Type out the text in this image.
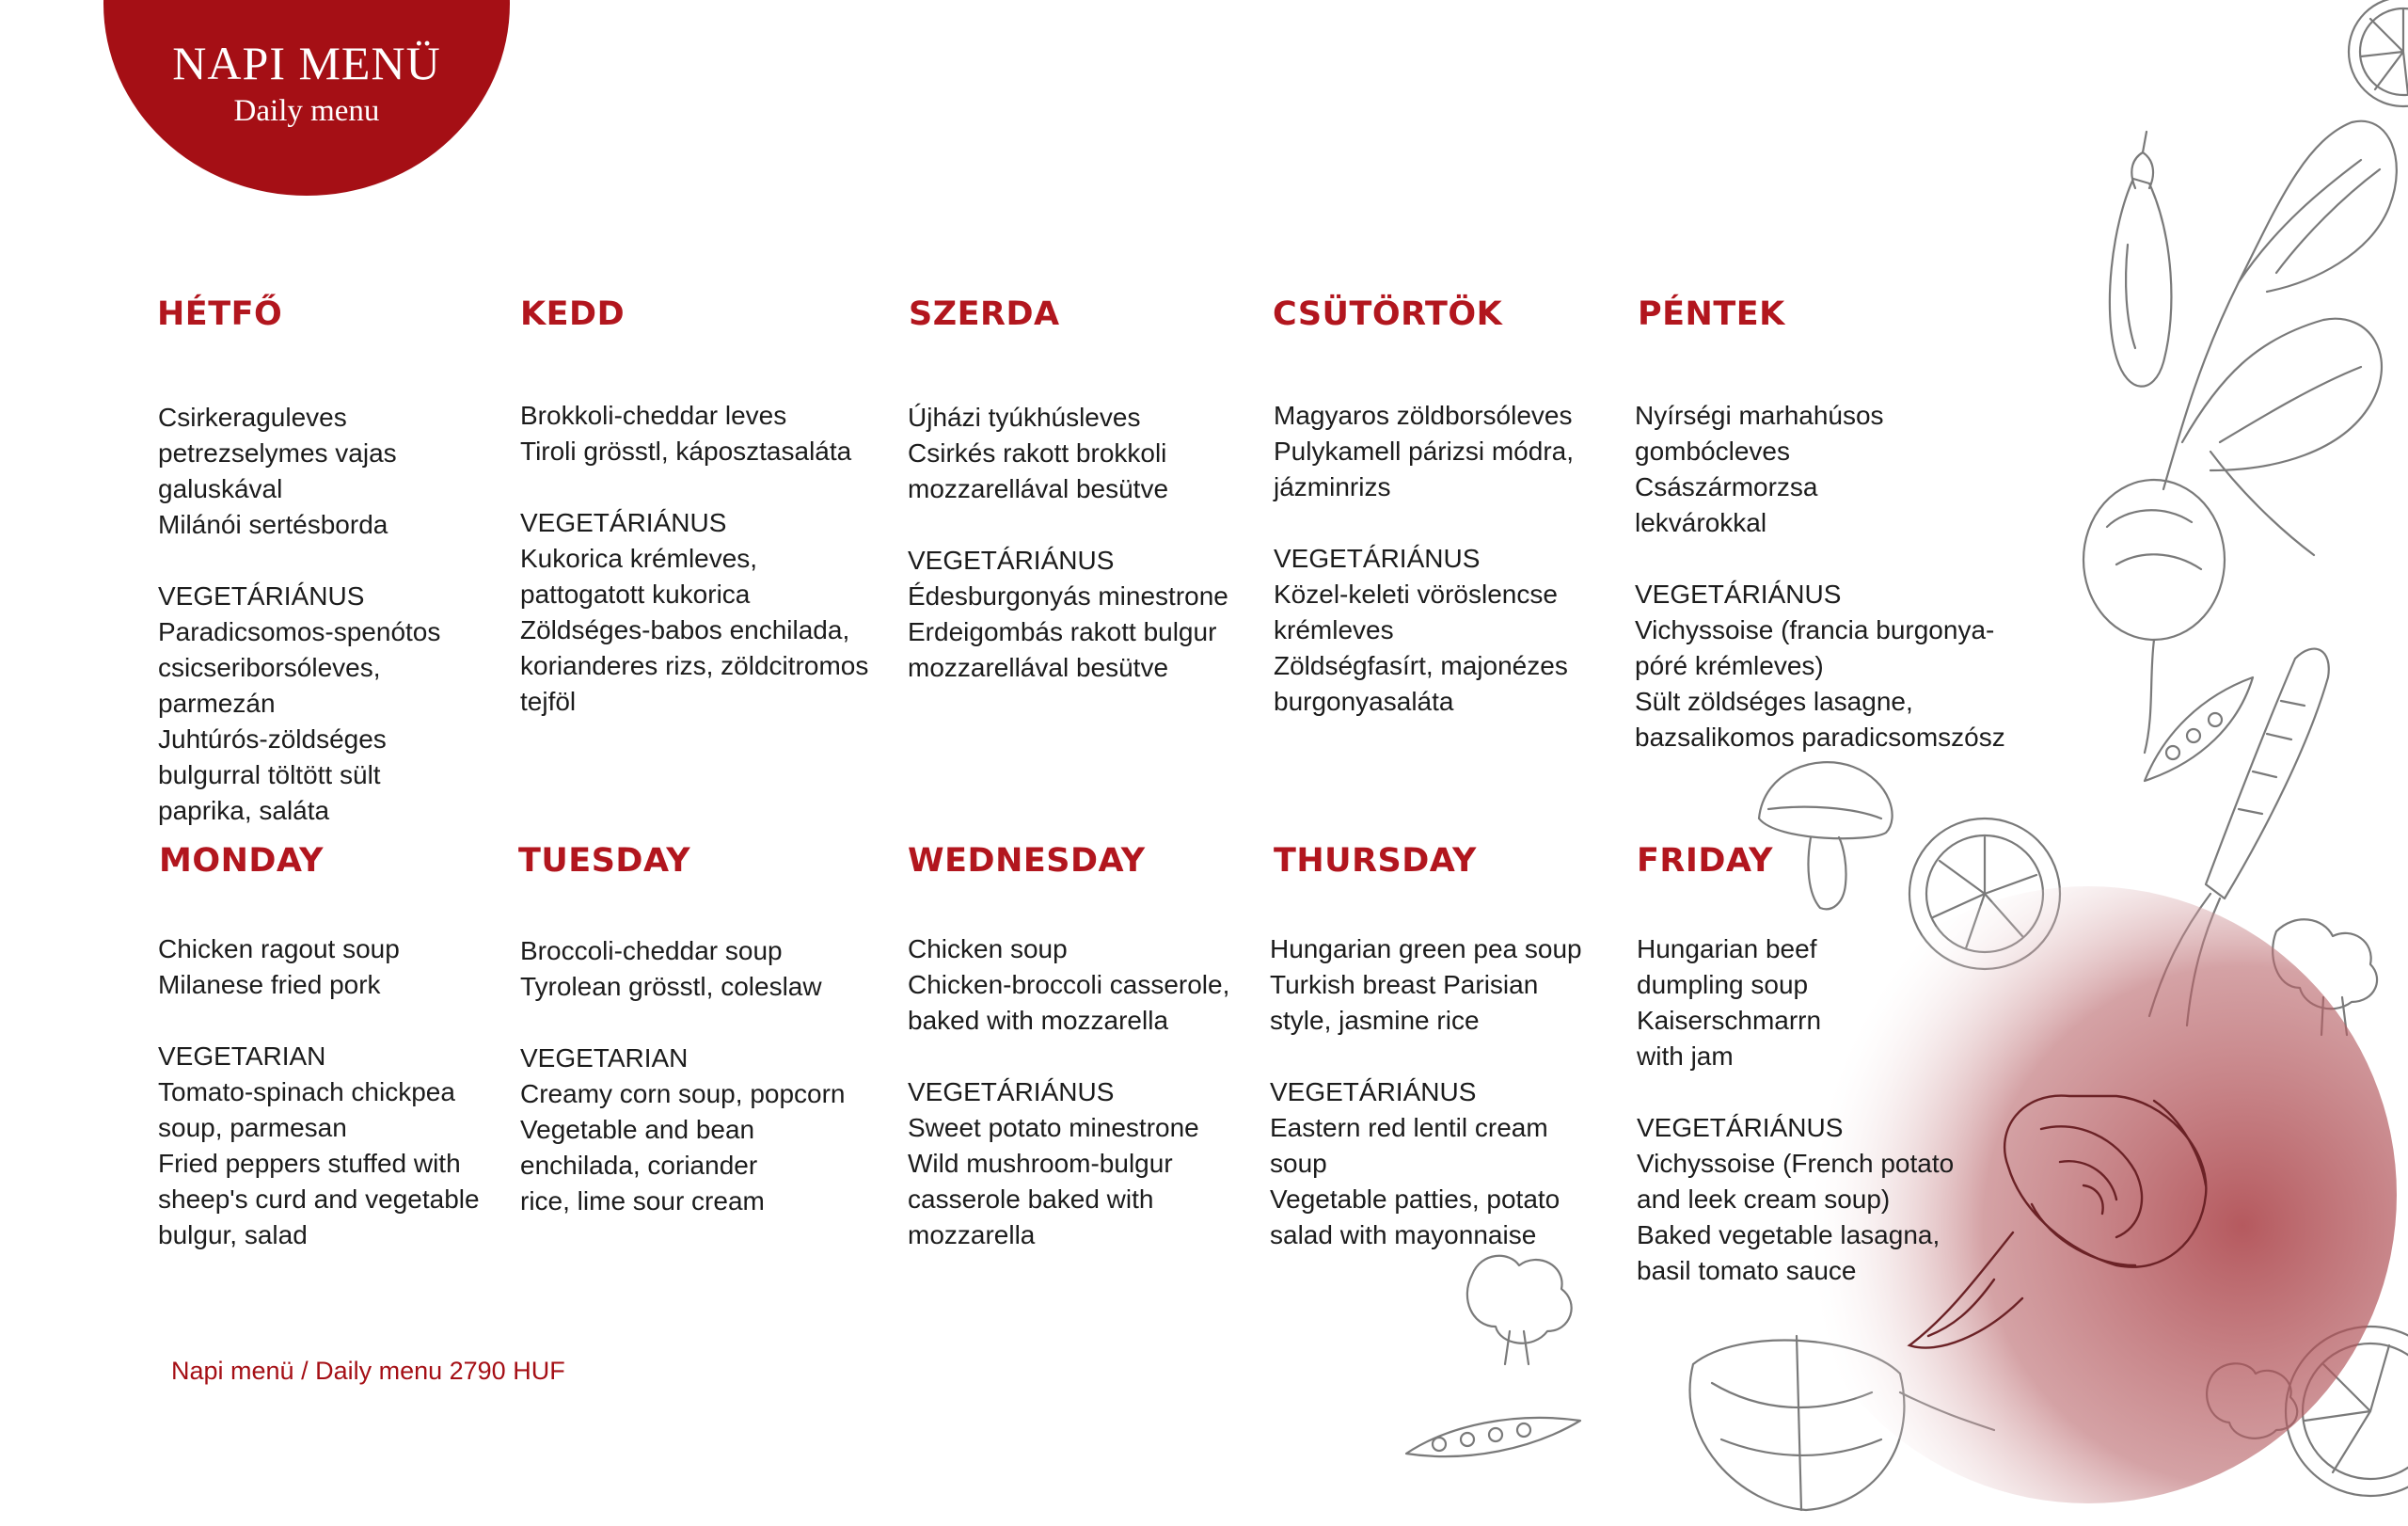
NAPI MENÜ
Daily menu
HÉTFŐ
Csirkeraguleves
petrezselymes vajas
galuskával
Milánói sertésborda
VEGETÁRIÁNUS
Paradicsomos-spenótos
csicseriborsóleves,
parmezán
Juhtúrós-zöldséges
bulgurral töltött sült
paprika, saláta
KEDD
Brokkoli-cheddar leves
Tiroli grösstl, káposztasaláta
VEGETÁRIÁNUS
Kukorica krémleves,
pattogatott kukorica
Zöldséges-babos enchilada,
korianderes rizs, zöldcitromos
tejföl
SZERDA
Újházi tyúkhúsleves
Csirkés rakott brokkoli
mozzarellával besütve
VEGETÁRIÁNUS
Édesburgonyás minestrone
Erdeigombás rakott bulgur
mozzarellával besütve
CSÜTÖRTÖK
Magyaros zöldborsóleves
Pulykamell párizsi módra,
jázminrizs
VEGETÁRIÁNUS
Közel-keleti vöröslencse
krémleves
Zöldségfasírt, majonézes
burgonyasaláta
PÉNTEK
Nyírségi marhahúsos
gombócleves
Császármorzsa
lekvárokkal
VEGETÁRIÁNUS
Vichyssoise (francia burgonya-
póré krémleves)
Sült zöldséges lasagne,
bazsalikomos paradicsomszósz
MONDAY
Chicken ragout soup
Milanese fried pork
VEGETARIAN
Tomato-spinach chickpea
soup, parmesan
Fried peppers stuffed with
sheep's curd and vegetable
bulgur, salad
TUESDAY
Broccoli-cheddar soup
Tyrolean grösstl, coleslaw
VEGETARIAN
Creamy corn soup, popcorn
Vegetable and bean
enchilada, coriander
rice, lime sour cream
WEDNESDAY
Chicken soup
Chicken-broccoli casserole,
baked with mozzarella
VEGETÁRIÁNUS
Sweet potato minestrone
Wild mushroom-bulgur
casserole baked with
mozzarella
THURSDAY
Hungarian green pea soup
Turkish breast Parisian
style, jasmine rice
VEGETÁRIÁNUS
Eastern red lentil cream
soup
Vegetable patties, potato
salad with mayonnaise
FRIDAY
Hungarian beef
dumpling soup
Kaiserschmarrn
with jam
VEGETÁRIÁNUS
Vichyssoise (French potato
and leek cream soup)
Baked vegetable lasagna,
basil tomato sauce

Napi menü / Daily menu 2790 HUF
